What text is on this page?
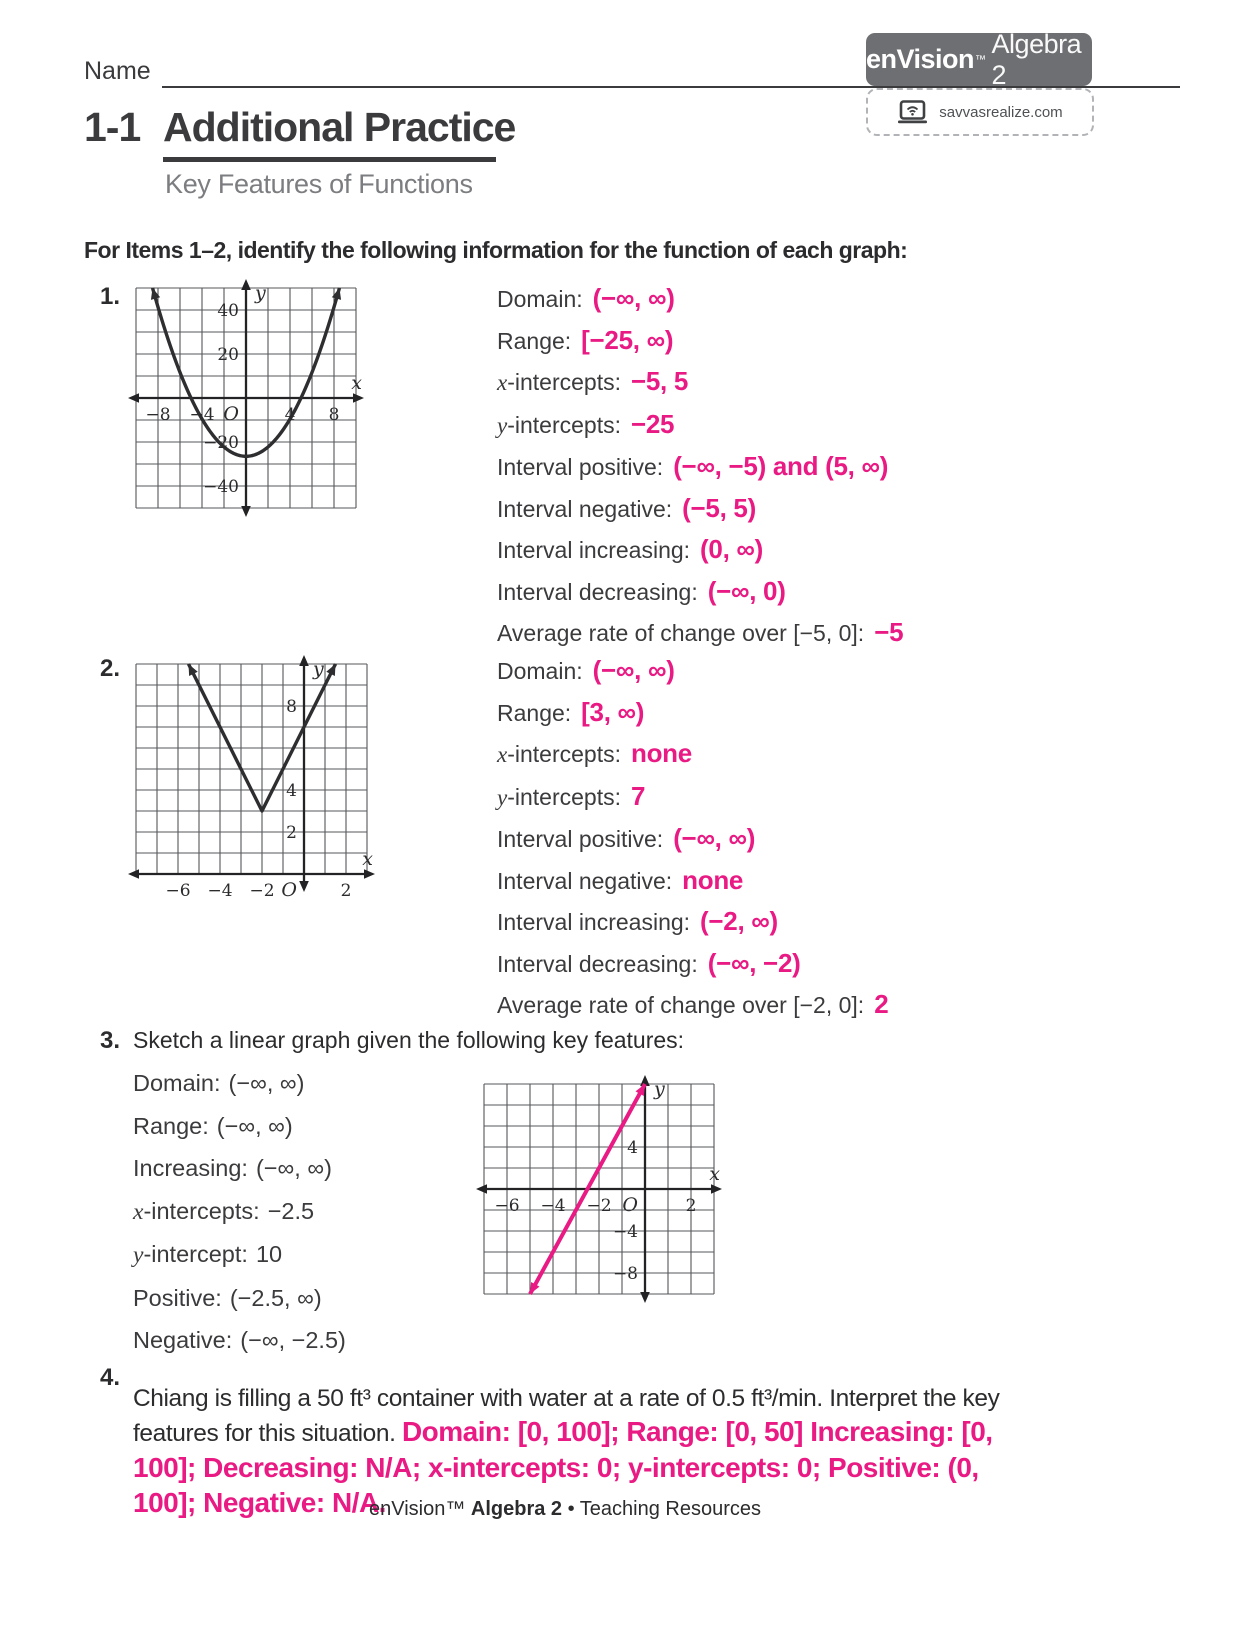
Name	enVision ™
Algebra 2
savvasrealize.com
1-1 Additional Practice
Key Features of Functions
For Items 1–2, identify the following information for the function of each graph:
1.
−8 −4	4 8
40
20
−20
−40
O
x
y	Domain: (−∞, ∞)
Range: [−25, ∞)
x-intercepts: −5, 5
y-intercepts: −25
Interval positive: (−∞, −5) and (5, ∞)
Interval negative: (−5, 5)
Interval increasing: (0, ∞)
Interval decreasing: (−∞, 0)
Average rate of change over [−5, 0]: −5
2.
−6 −4 −2	2
8
4
2
O
x
y	Domain: (−∞, ∞)
Range: [3, ∞)
x-intercepts: none
y-intercepts: 7
Interval positive: (−∞, ∞)
Interval negative: none
Interval increasing: (−2, ∞)
Interval decreasing: (−∞, −2)
Average rate of change over [−2, 0]: 2
3. Sketch a linear graph given the following key features:
Domain: (−∞, ∞)
Range: (−∞, ∞)
Increasing: (−∞, ∞)
x-intercepts: −2.5
y-intercept: 10
Positive: (−2.5, ∞)
Negative: (−∞, −2.5)
−6 −4 −2	2
4
−4
−8
O
x
y
4.

Chiang is filling a 50 ft³ container with water at a rate of 0.5 ft³/min. Interpret the key features for this situation. Domain: [0, 100]; Range: [0, 50] Increasing: [0, 100]; Decreasing: N/A; x-intercepts: 0; y-intercepts: 0; Positive: (0, 100]; Negative: N/A.

enVision™ Algebra 2 • Teaching Resources
